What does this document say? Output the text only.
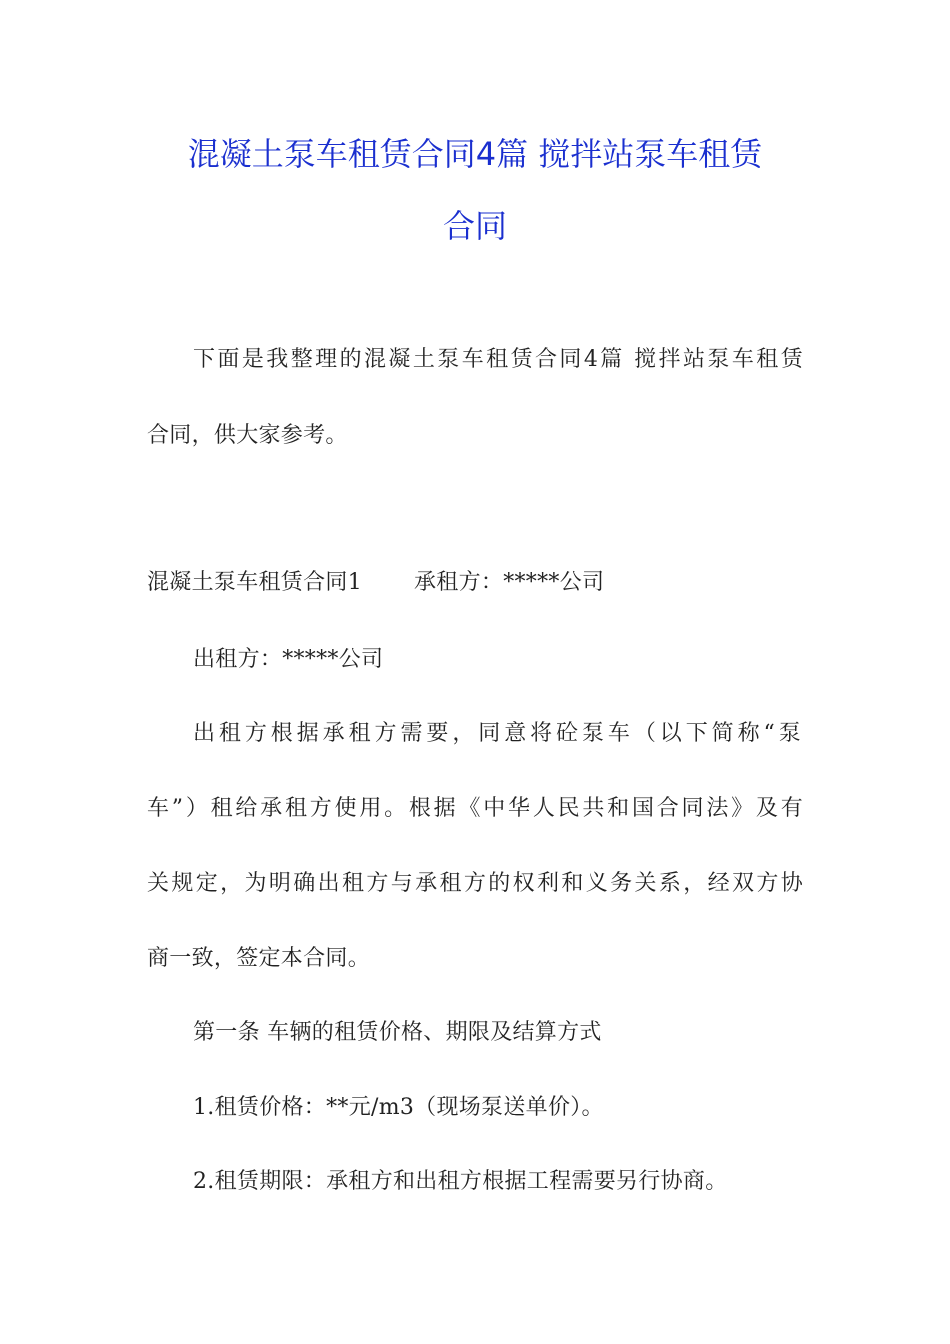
混凝土泵车租赁合同4篇 搅拌站泵车租赁
合同
下面是我整理的混凝土泵车租赁合同4篇 搅拌站泵车租赁
合同，供大家参考。
混凝土泵车租赁合同1 承租方：*****公司
出租方：*****公司
出租方根据承租方需要，同意将砼泵车（以下简称“泵
车”）租给承租方使用。根据《中华人民共和国合同法》及有
关规定，为明确出租方与承租方的权利和义务关系，经双方协
商一致，签定本合同。
第一条 车辆的租赁价格、期限及结算方式
1.租赁价格：**元/m3（现场泵送单价）。
2.租赁期限：承租方和出租方根据工程需要另行协商。
